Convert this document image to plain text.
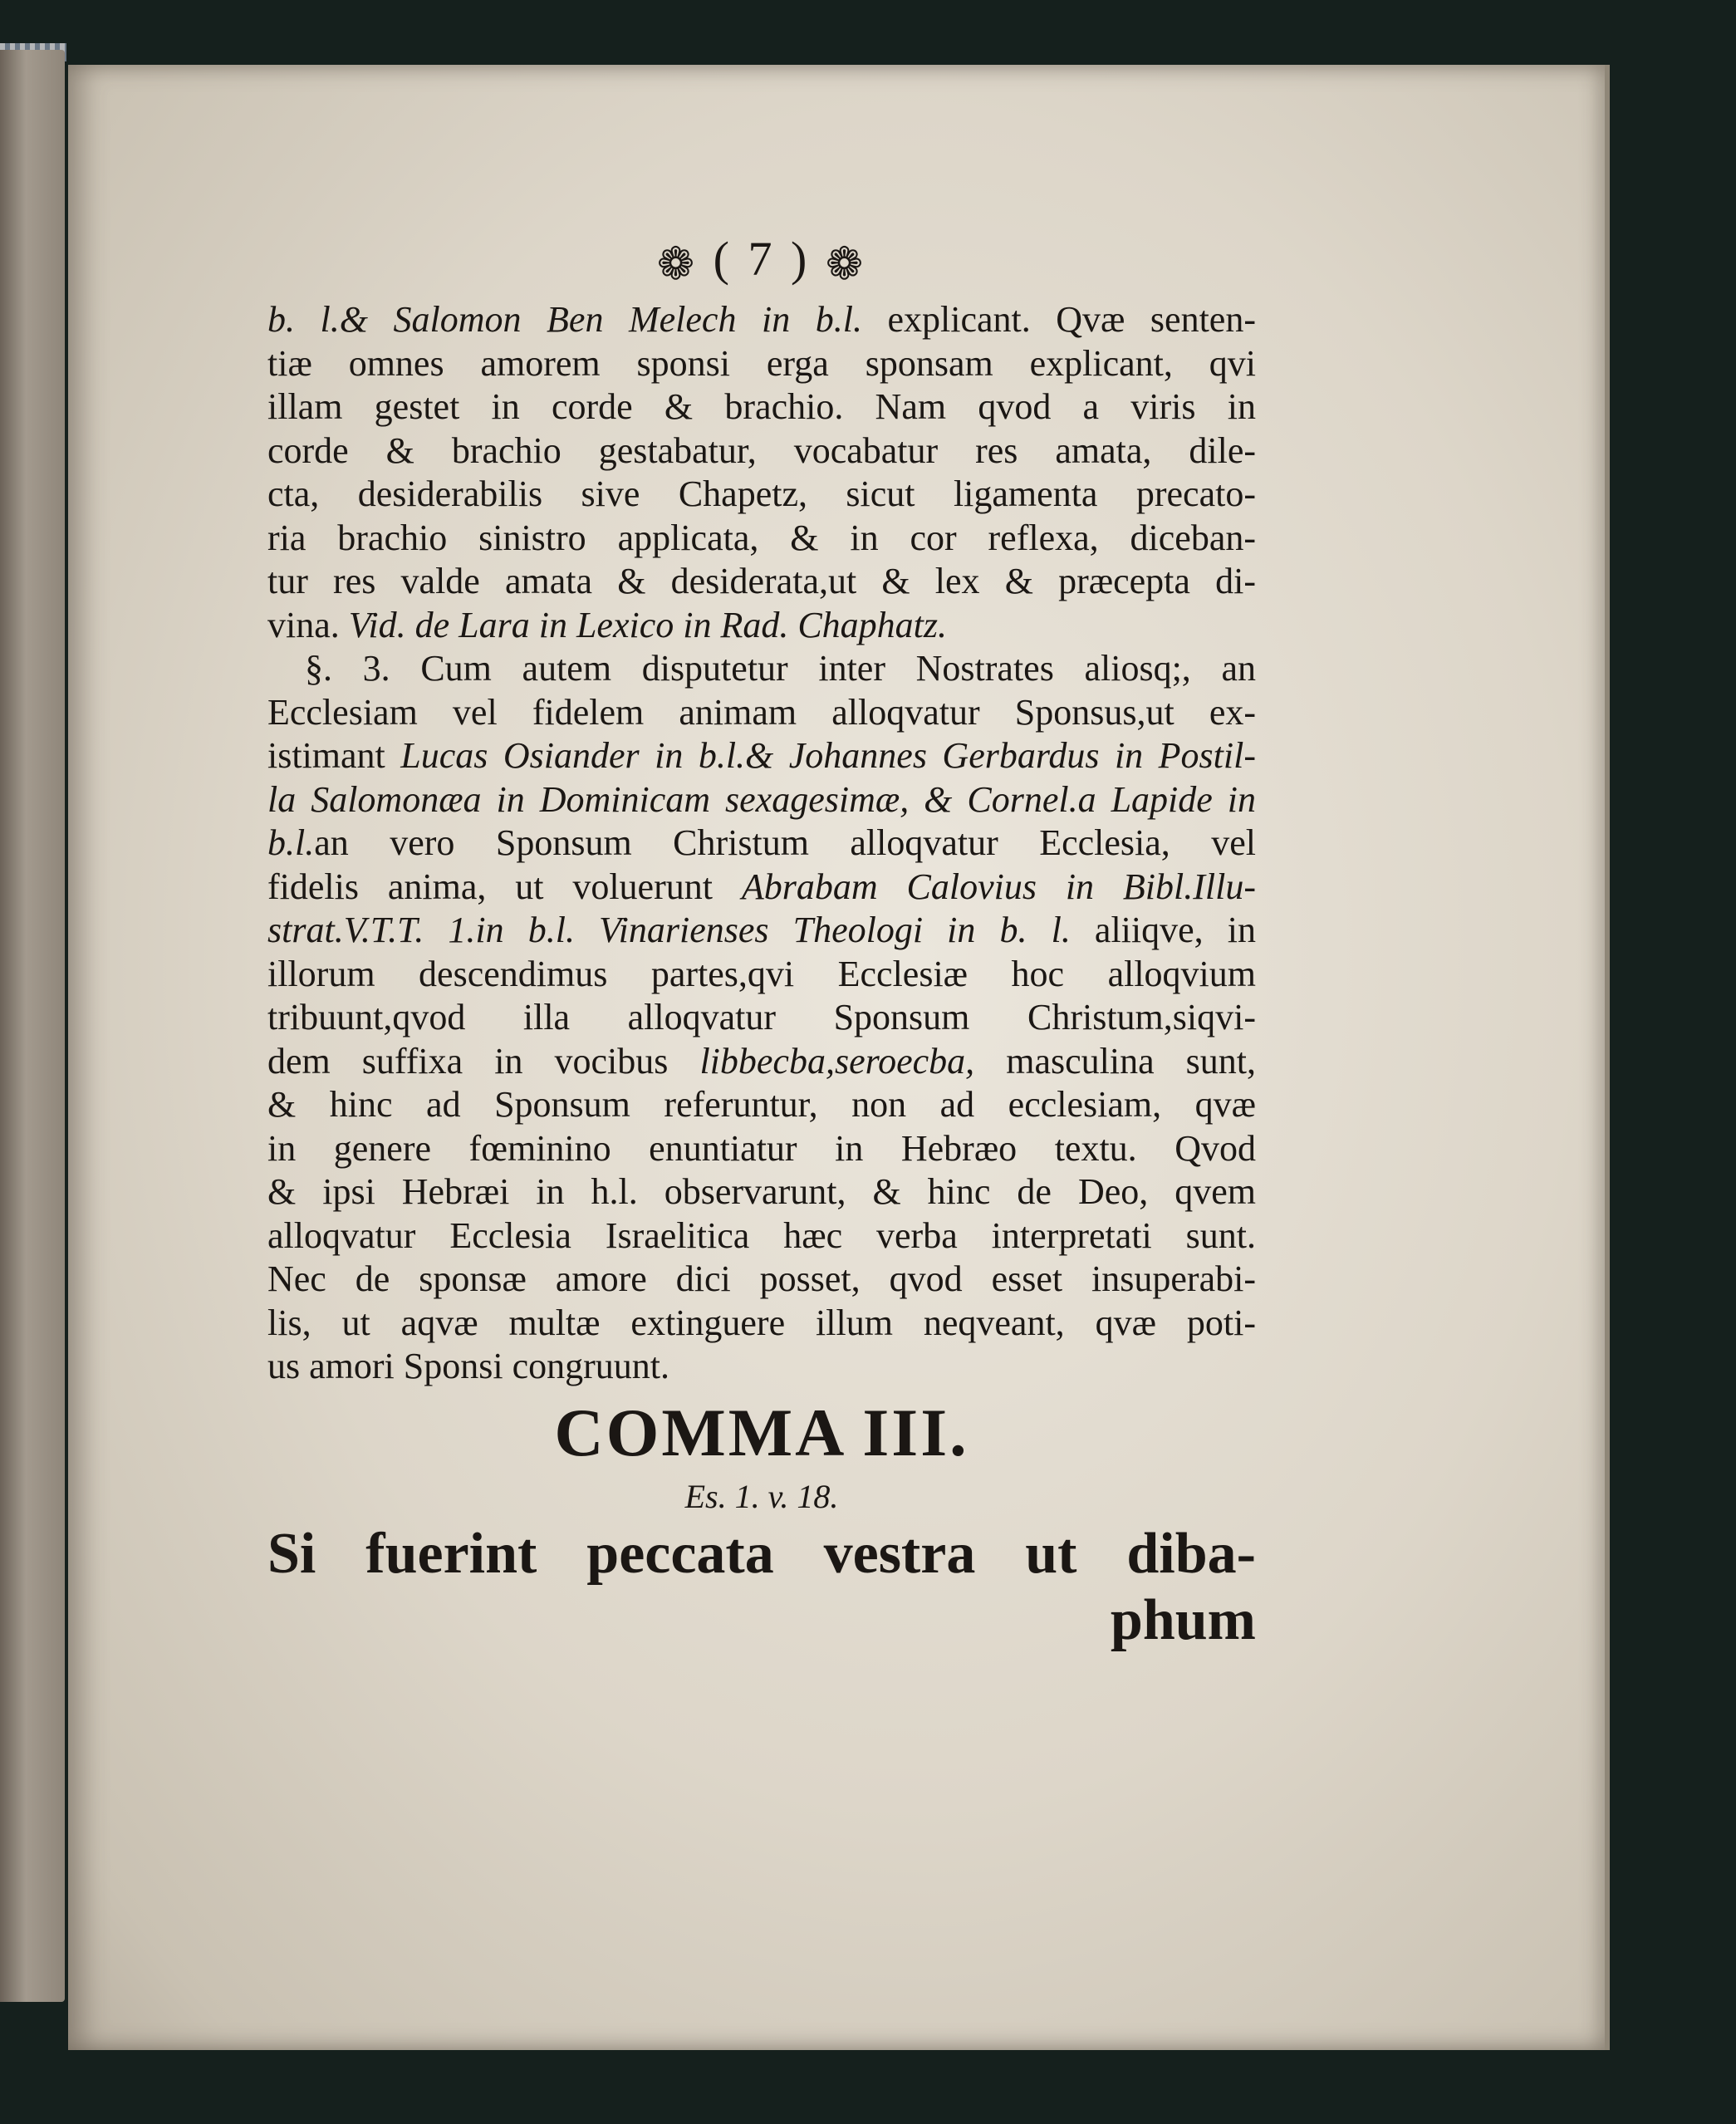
❁ ( 7 ) ❁
b. l.& Salomon Ben Melech in b.l. explicant. Qvæ senten-
tiæ omnes amorem sponsi erga sponsam explicant, qvi
illam gestet in corde & brachio. Nam qvod a viris in
corde & brachio gestabatur, vocabatur res amata, dile-
cta, desiderabilis sive Chapetz, sicut ligamenta precato-
ria brachio sinistro applicata, & in cor reflexa, diceban-
tur res valde amata & desiderata,ut & lex & præcepta di-
vina. Vid. de Lara in Lexico in Rad. Chaphatz.
§. 3. Cum autem disputetur inter Nostrates aliosq;, an
Ecclesiam vel fidelem animam alloqvatur Sponsus,ut ex-
istimant Lucas Osiander in b.l.& Johannes Gerbardus in Postil-
la Salomonæa in Dominicam sexagesimæ, & Cornel.a Lapide in
b.l.an vero Sponsum Christum alloqvatur Ecclesia, vel
fidelis anima, ut voluerunt Abrabam Calovius in Bibl.Illu-
strat.V.T.T. 1.in b.l. Vinarienses Theologi in b. l. aliiqve, in
illorum descendimus partes,qvi Ecclesiæ hoc alloqvium
tribuunt,qvod illa alloqvatur Sponsum Christum,siqvi-
dem suffixa in vocibus libbecba,seroecba, masculina sunt,
& hinc ad Sponsum referuntur, non ad ecclesiam, qvæ
in genere fœminino enuntiatur in Hebræo textu. Qvod
& ipsi Hebræi in h.l. observarunt, & hinc de Deo, qvem
alloqvatur Ecclesia Israelitica hæc verba interpretati sunt.
Nec de sponsæ amore dici posset, qvod esset insuperabi-
lis, ut aqvæ multæ extinguere illum neqveant, qvæ poti-
us amori Sponsi congruunt.
COMMA III.
Es. 1. v. 18.
Si fuerint peccata vestra ut diba-
phum
